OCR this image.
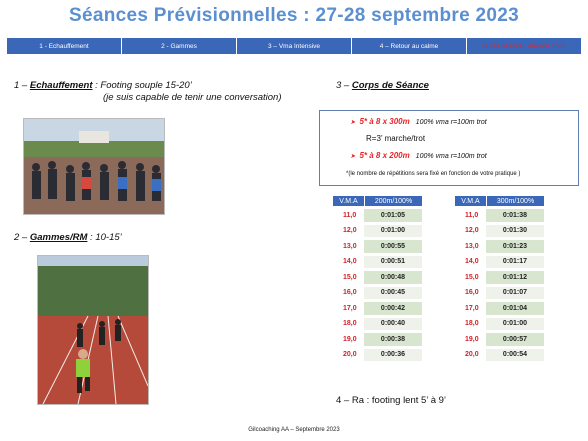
Séances Prévisionnelles : 27-28 septembre 2023
1 - Echauffement	2 - Gammes	3 – Vma Intensive	4 – Retour au calme	Durée séance : environ 1h05
1 – Echauffement : Footing souple 15-20’
(je suis capable de tenir une conversation)
2 – Gammes/RM : 10-15’
3 – Corps de Séance
➤ 5* à 8 x 300m 100% vma r=100m trot
R=3’ marche/trot
➤ 5* à 8 x 200m 100% vma r=100m trot
*(le nombre de répétitions sera fixé en fonction de votre pratique )
V.M.A	200m/100%
11,0	0:01:05
12,0	0:01:00
13,0	0:00:55
14,0	0:00:51
15,0	0:00:48
16,0	0:00:45
17,0	0:00:42
18,0	0:00:40
19,0	0:00:38
20,0	0:00:36
V.M.A	300m/100%
11,0	0:01:38
12,0	0:01:30
13,0	0:01:23
14,0	0:01:17
15,0	0:01:12
16,0	0:01:07
17,0	0:01:04
18,0	0:01:00
19,0	0:00:57
20,0	0:00:54
4 – Ra : footing lent 5’ à 9’
Gilcoaching AA – Septembre 2023
